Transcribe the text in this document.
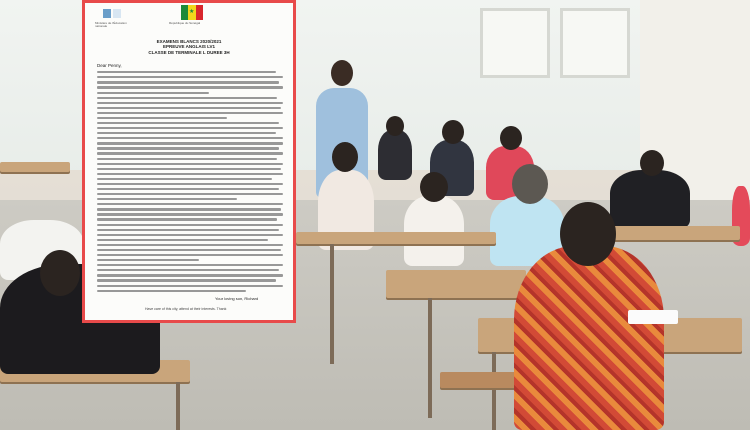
Ministère de l'Éducation nationale
★
République du Sénégal
EXAMENS BLANCS 2020/2021
EPREUVE ANGLAIS LV1
CLASSE DE TERMINALE L DUREE 3H
Dear Penny,
Your loving son, Richard
Have care of this city, attend at their interests. Thank
